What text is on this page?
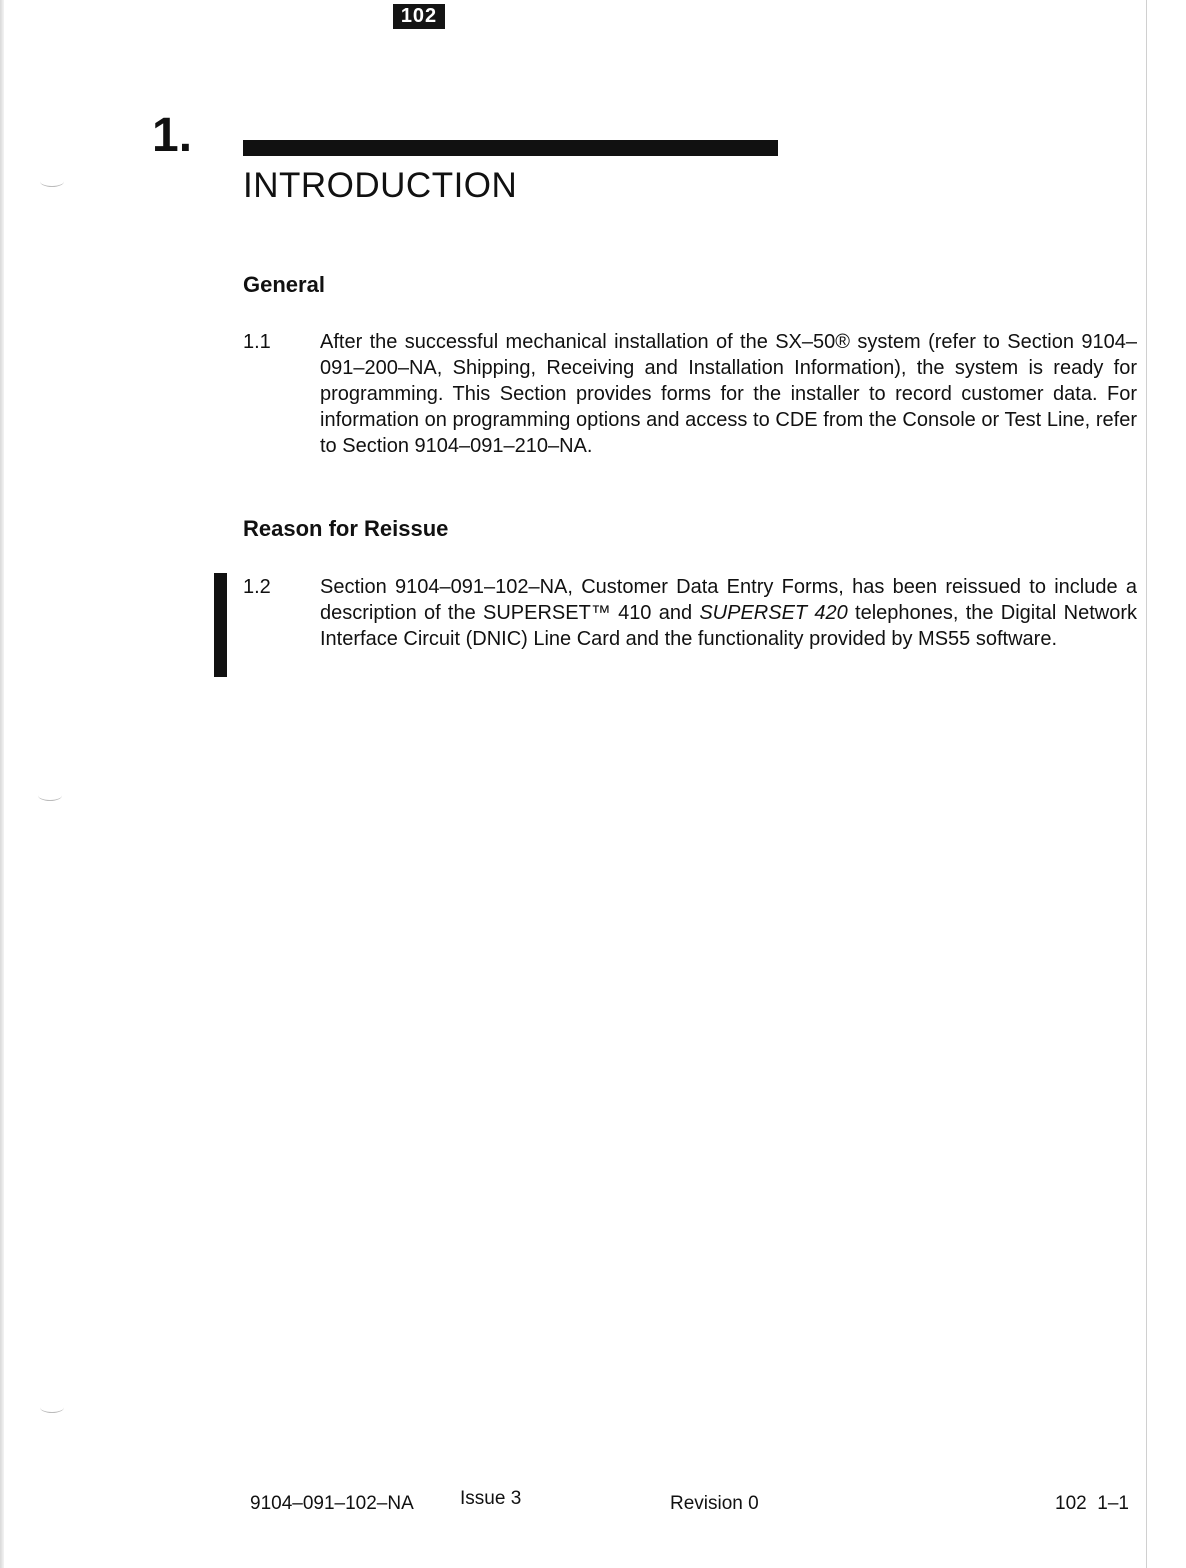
102
1.
INTRODUCTION
General
1.1 After the successful mechanical installation of the SX–50® system (refer to Section 9104–091–200–NA, Shipping, Receiving and Installation Information), the system is ready for programming. This Section provides forms for the installer to record customer data. For information on programming options and access to CDE from the Console or Test Line, refer to Section 9104–091–210–NA.
Reason for Reissue
1.2 Section 9104–091–102–NA, Customer Data Entry Forms, has been reissued to include a description of the SUPERSET™ 410 and SUPERSET 420 telephones, the Digital Network Interface Circuit (DNIC) Line Card and the functionality provided by MS55 software.
9104–091–102–NA Issue 3	Revision 0	102  1–1
